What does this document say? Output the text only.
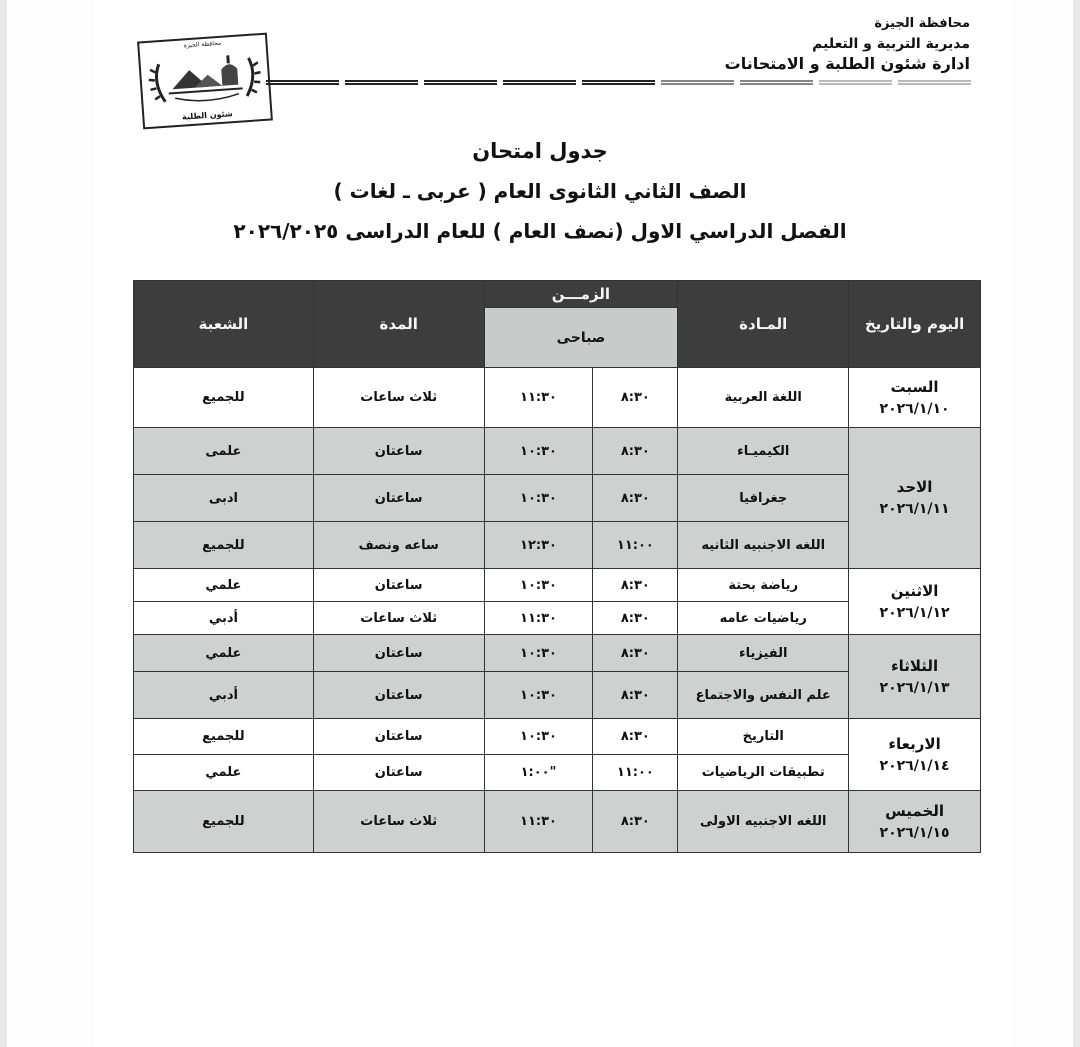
محافظة الجيزة
شئون الطلبة
محافظة الجيزة
مديرية التربية و التعليم
ادارة شئون الطلبة و الامتحانات
جدول امتحان
الصف الثاني الثانوى العام ( عربى ـ لغات )
الفصل الدراسي الاول (نصف العام ) للعام الدراسى ٢٠٢٦/٢٠٢٥
اليوم والتاريخ	المـادة	الزمـــن		المدة	الشعبة
		صباحى			

السبت
٢٠٢٦/١/١٠	اللغة العربية	٨:٣٠	١١:٣٠	ثلاث ساعات	للجميع

الاحد
٢٠٢٦/١/١١	الكيميـاء	٨:٣٠	١٠:٣٠	ساعتان	علمى
	جغرافيا	٨:٣٠	١٠:٣٠	ساعتان	ادبى
	اللغه الاجنبيه الثانيه	١١:٠٠	١٢:٣٠	ساعه ونصف	للجميع

الاثنين
٢٠٢٦/١/١٢	رياضة بحتة	٨:٣٠	١٠:٣٠	ساعتان	علمي
	رياضيات عامه	٨:٣٠	١١:٣٠	ثلاث ساعات	أدبي

الثلاثاء
٢٠٢٦/١/١٣	الفيزياء	٨:٣٠	١٠:٣٠	ساعتان	علمي
	علم النفس والاجتماع	٨:٣٠	١٠:٣٠	ساعتان	أدبي

الاربعاء
٢٠٢٦/١/١٤	التاريخ	٨:٣٠	١٠:٣٠	ساعتان	للجميع
	تطبيقات الرياضيات	١١:٠٠	"١:٠٠	ساعتان	علمي

الخميس
٢٠٢٦/١/١٥	اللغه الاجنبيه الاولى	٨:٣٠	١١:٣٠	ثلاث ساعات	للجميع
